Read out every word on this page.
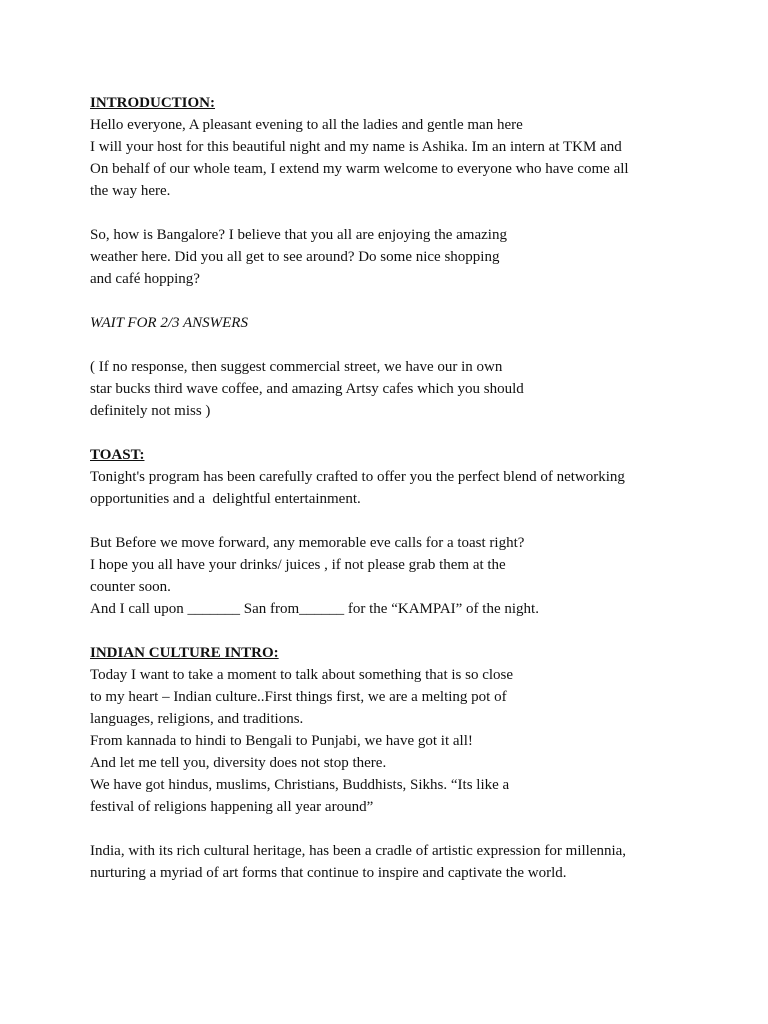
INTRODUCTION:
Hello everyone, A pleasant evening to all the ladies and gentle man here
I will your host for this beautiful night and my name is Ashika. Im an intern at TKM and
On behalf of our whole team, I extend my warm welcome to everyone who have come all
the way here.
So, how is Bangalore? I believe that you all are enjoying the amazing
weather here. Did you all get to see around? Do some nice shopping
and café hopping?
WAIT FOR 2/3 ANSWERS
( If no response, then suggest commercial street, we have our in own
star bucks third wave coffee, and amazing Artsy cafes which you should
definitely not miss )
TOAST:
Tonight's program has been carefully crafted to offer you the perfect blend of networking
opportunities and a  delightful entertainment.
But Before we move forward, any memorable eve calls for a toast right?
I hope you all have your drinks/ juices , if not please grab them at the
counter soon.
And I call upon _______ San from______ for the “KAMPAI” of the night.
INDIAN CULTURE INTRO:
Today I want to take a moment to talk about something that is so close
to my heart – Indian culture..First things first, we are a melting pot of
languages, religions, and traditions.
From kannada to hindi to Bengali to Punjabi, we have got it all!
And let me tell you, diversity does not stop there.
We have got hindus, muslims, Christians, Buddhists, Sikhs. “Its like a
festival of religions happening all year around”
India, with its rich cultural heritage, has been a cradle of artistic expression for millennia,
nurturing a myriad of art forms that continue to inspire and captivate the world.
